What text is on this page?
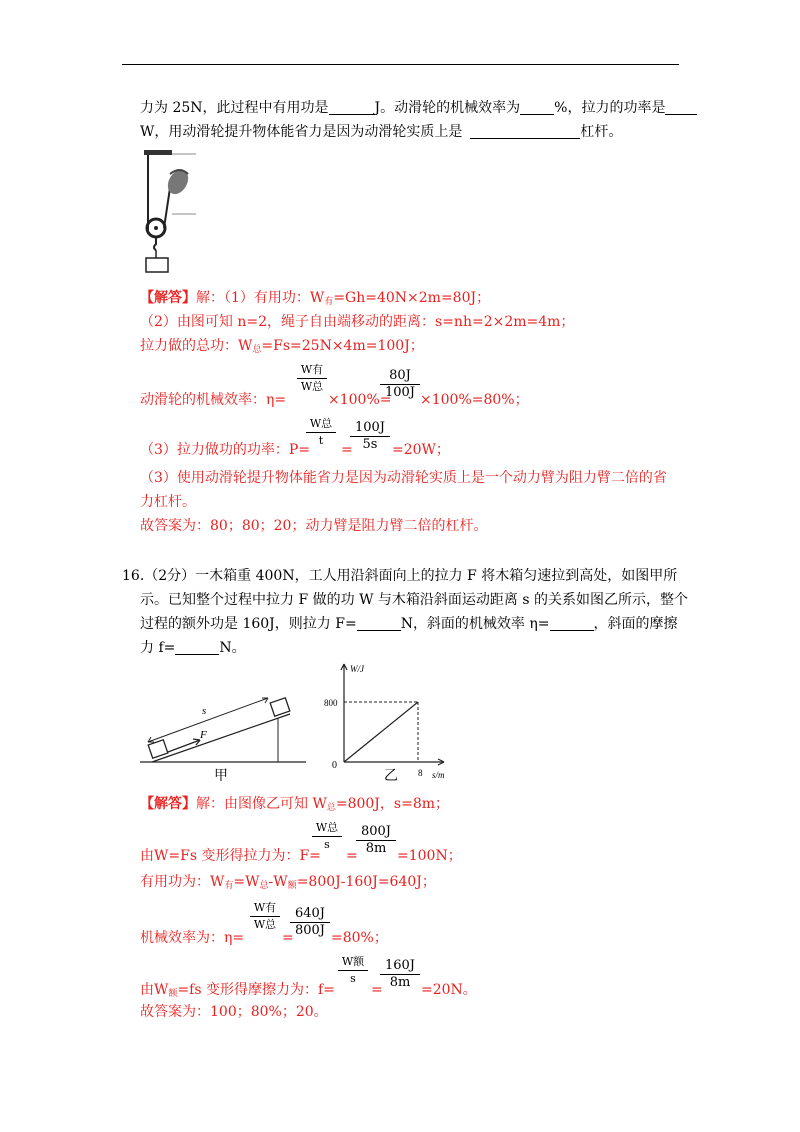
力为 25N，此过程中有用功是	J。动滑轮的机械效率为 %，拉力的功率是
W，用动滑轮提升物体能省力是因为动滑轮实质上是	杠杆。
【解答】解：（1）有用功：$W_有=Gh=40N\times 2m=80J$；
（2）由图可知 n=2，绳子自由端移动的距离：s=nh=2×2m=4m；
拉力做的总功：$W_总=Fs=25N\times 4m=100J$；
动滑轮的机械效率：η=
W有
W总
×100%=
$\frac{80J}{100J} \times 100\%=80\%$；
（3）拉力做功的功率：P=
W总
t
=
$\frac{100J}{5s} =20W$；
（3）使用动滑轮提升物体能省力是因为动滑轮实质上是一个动力臂为阻力臂二倍的省
力杠杆。
故答案为：80；80；20；动力臂是阻力臂二倍的杠杆。
16.（2分）一木箱重 400N，工人用沿斜面向上的拉力 F 将木箱匀速拉到高处，如图甲所
示。已知整个过程中拉力 F 做的功 W 与木箱沿斜面运动距离 s 的关系如图乙所示，整个
过程的额外功是 160J，则拉力 F=	N，斜面的机械效率 η=	，斜面的摩擦
力 f=	N。
s
F
甲
W/J
s/m
800
8
0
乙
【解答】解：由图像乙可知 $W_总=800J$，s=8m；
由W=Fs 变形得拉力为：F=
W总
s
=
$\frac{800J}{8m} =100N$；
有用功为：$W_有=W_总-W_额=800J-160J=640J$；
机械效率为：η=
W有
W总
=
$\frac{640J}{800J} =80\%$；
由$W_额=fs$ 变形得摩擦力为：f=
W额
s
=
$\frac{160J}{8m} =20N$。
故答案为：100；80%；20。
